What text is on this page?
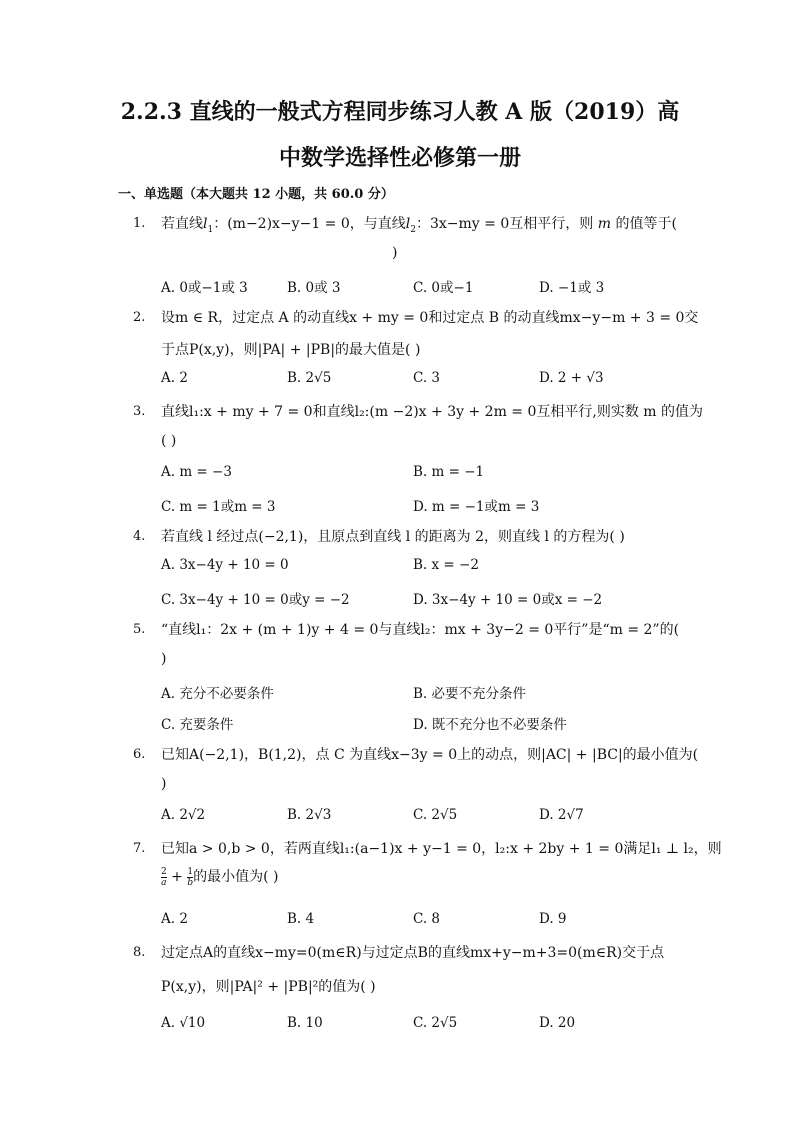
2.2.3 直线的一般式方程同步练习人教 A 版（2019）高
中数学选择性必修第一册
一、单选题（本大题共 12 小题，共 60.0 分）
1. 若直线$l_1$：(m−2)x−y−1 = 0，与直线$l_2$：3x−my = 0互相平行，则 m 的值等于(
)
A. 0或−1或 3	B. 0或 3	C. 0或−1	D. −1或 3
2. 设m ∈ R，过定点 A 的动直线x + my = 0和过定点 B 的动直线mx−y−m + 3 = 0交
于点P(x,y)，则|PA| + |PB|的最大值是( )
A. 2	B. 2√5	C. 3	D. 2 + √3
3. 直线l₁:x + my + 7 = 0和直线l₂:(m −2)x + 3y + 2m = 0互相平行,则实数 m 的值为
( )
A. m = −3	B. m = −1
C. m = 1或m = 3	D. m = −1或m = 3
4. 若直线 l 经过点(−2,1)，且原点到直线 l 的距离为 2，则直线 l 的方程为( )
A. 3x−4y + 10 = 0	B. x = −2
C. 3x−4y + 10 = 0或y = −2	D. 3x−4y + 10 = 0或x = −2
5. “直线l₁：2x + (m + 1)y + 4 = 0与直线l₂：mx + 3y−2 = 0平行”是“m = 2”的(
)
A. 充分不必要条件	B. 必要不充分条件
C. 充要条件	D. 既不充分也不必要条件
6. 已知A(−2,1)，B(1,2)，点 C 为直线x−3y = 0上的动点，则|AC| + |BC|的最小值为(
)
A. 2√2	B. 2√3	C. 2√5	D. 2√7
7. 已知a > 0,b > 0，若两直线l₁:(a−1)x + y−1 = 0，l₂:x + 2by + 1 = 0满足l₁ ⊥ l₂，则
$\frac{2}{a} + \frac{1}{b}$ 的最小值为( )
A. 2	B. 4	C. 8	D. 9
8. 过定点A的直线x−my=0(m∈R)与过定点B的直线mx+y−m+3=0(m∈R)交于点
P(x,y)，则|PA|² + |PB|²的值为( )
A. √10	B. 10	C. 2√5	D. 20
